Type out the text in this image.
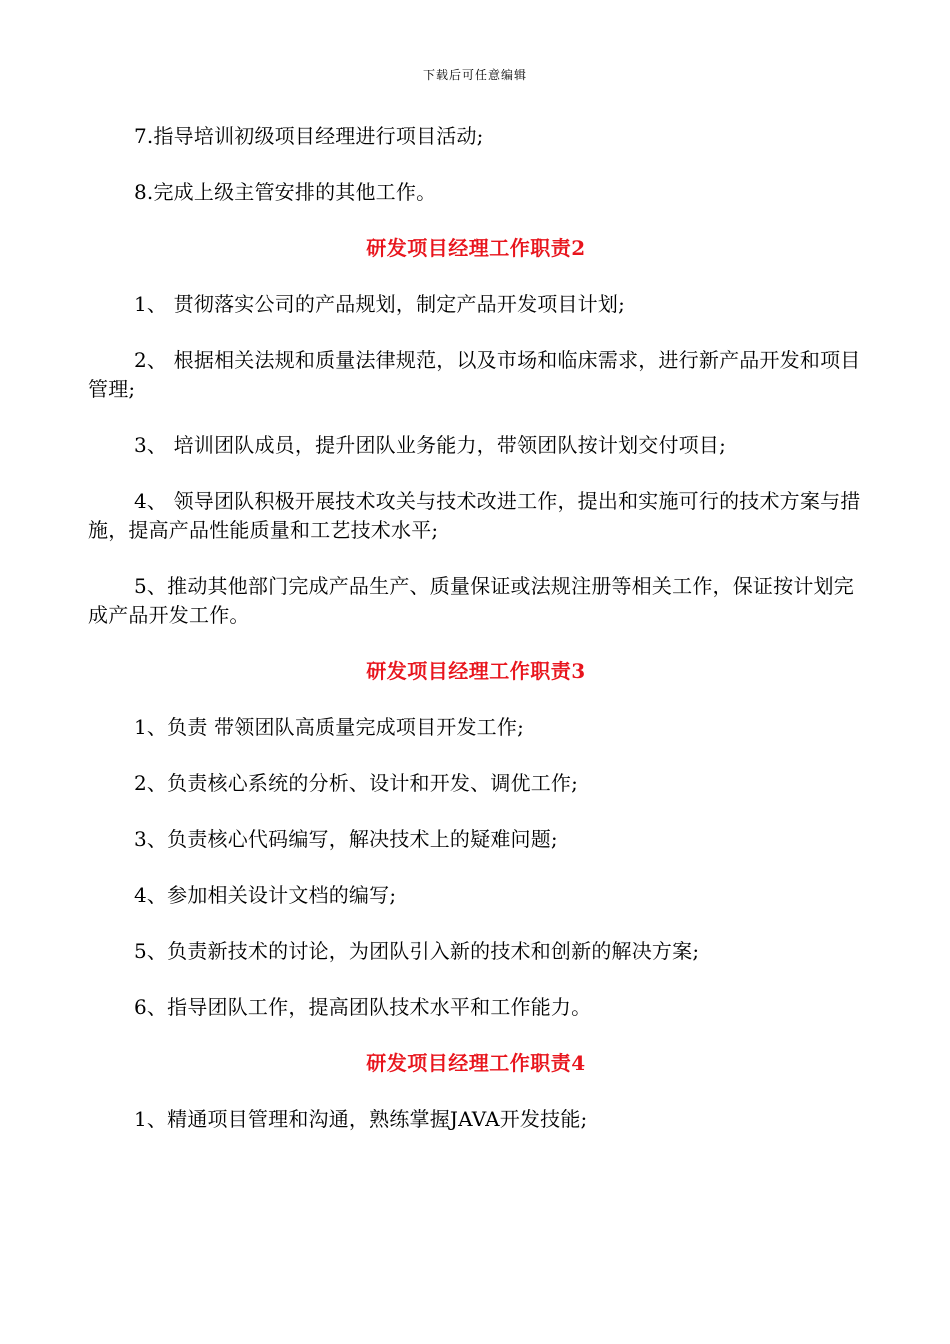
下载后可任意编辑

7.指导培训初级项目经理进行项目活动;

8.完成上级主管安排的其他工作。

研发项目经理工作职责2

1、 贯彻落实公司的产品规划，制定产品开发项目计划;

2、 根据相关法规和质量法律规范，以及市场和临床需求，进行新产品开发和项目管理;

3、 培训团队成员，提升团队业务能力，带领团队按计划交付项目;

4、 领导团队积极开展技术攻关与技术改进工作，提出和实施可行的技术方案与措施，提高产品性能质量和工艺技术水平;

5、推动其他部门完成产品生产、质量保证或法规注册等相关工作，保证按计划完成产品开发工作。

研发项目经理工作职责3

1、负责 带领团队高质量完成项目开发工作;

2、负责核心系统的分析、设计和开发、调优工作;

3、负责核心代码编写，解决技术上的疑难问题;

4、参加相关设计文档的编写;

5、负责新技术的讨论，为团队引入新的技术和创新的解决方案;

6、指导团队工作，提高团队技术水平和工作能力。

研发项目经理工作职责4

1、精通项目管理和沟通，熟练掌握JAVA开发技能;
